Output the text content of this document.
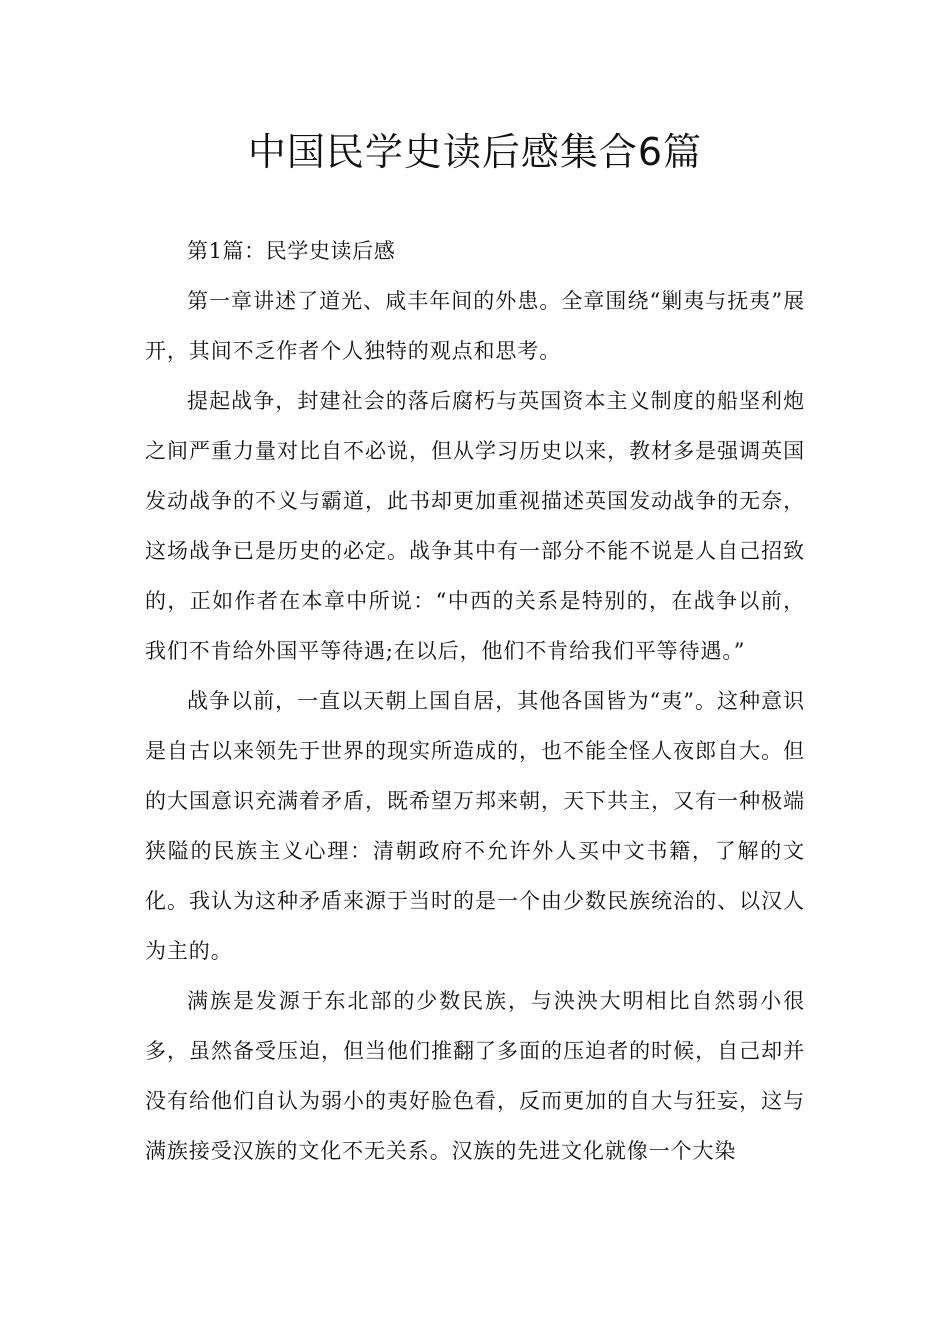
中国民学史读后感集合6篇

第1篇：民学史读后感

第一章讲述了道光、咸丰年间的外患。全章围绕“剿夷与抚夷”展开，其间不乏作者个人独特的观点和思考。

提起战争，封建社会的落后腐朽与英国资本主义制度的船坚利炮之间严重力量对比自不必说，但从学习历史以来，教材多是强调英国发动战争的不义与霸道，此书却更加重视描述英国发动战争的无奈，这场战争已是历史的必定。战争其中有一部分不能不说是人自己招致的，正如作者在本章中所说：“中西的关系是特别的，在战争以前，我们不肯给外国平等待遇;在以后，他们不肯给我们平等待遇。”

战争以前，一直以天朝上国自居，其他各国皆为“夷”。这种意识是自古以来领先于世界的现实所造成的，也不能全怪人夜郎自大。但的大国意识充满着矛盾，既希望万邦来朝，天下共主，又有一种极端狭隘的民族主义心理：清朝政府不允许外人买中文书籍，了解的文化。我认为这种矛盾来源于当时的是一个由少数民族统治的、以汉人为主的。

满族是发源于东北部的少数民族，与泱泱大明相比自然弱小很多，虽然备受压迫，但当他们推翻了多面的压迫者的时候，自己却并没有给他们自认为弱小的夷好脸色看，反而更加的自大与狂妄，这与满族接受汉族的文化不无关系。汉族的先进文化就像一个大染
